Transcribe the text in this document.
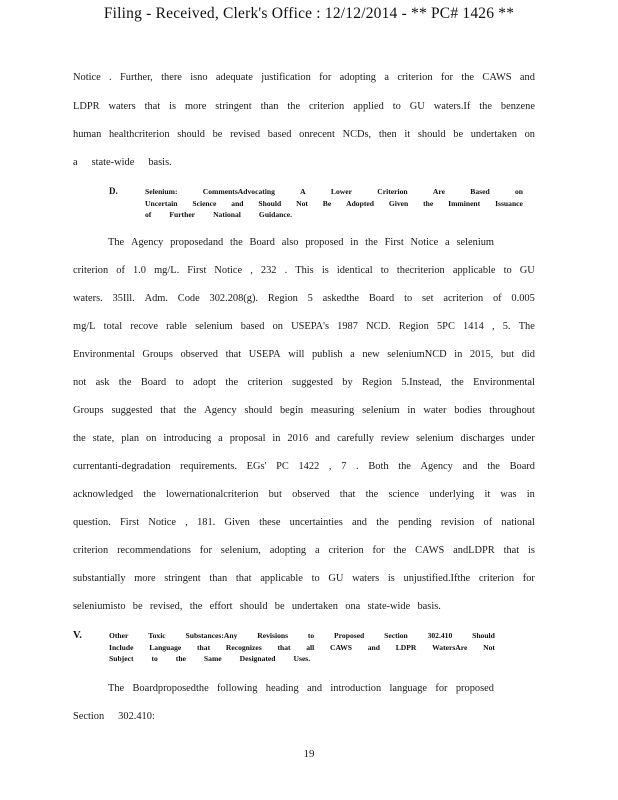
Filing - Received, Clerk's Office : 12/12/2014 - ** PC# 1426 **
Notice . Further, there isno adequate justification for adopting a criterion for the CAWS and
LDPR waters that is more stringent than the criterion applied to GU waters.If the benzene
human healthcriterion should be revised based onrecent NCDs, then it should be undertaken on
a state-wide basis.
D.	Selenium:	CommentsAdvocating	A	Lower	Criterion	Are	Based	on
Uncertain Science and Should Not Be Adopted Given the Imminent Issuance
of Further National Guidance.
The Agency proposedand the Board also proposed in the First Notice a selenium
criterion of 1.0 mg/L. First Notice , 232 . This is identical to thecriterion applicable to GU
waters. 35Ill. Adm. Code 302.208(g). Region 5 askedthe Board to set acriterion of 0.005
mg/L total recove rable selenium based on USEPA's 1987 NCD. Region 5PC 1414 , 5. The
Environmental Groups observed that USEPA will publish a new seleniumNCD in 2015, but did
not ask the Board to adopt the criterion suggested by Region 5.Instead, the Environmental
Groups suggested that the Agency should begin measuring selenium in water bodies throughout
the state, plan on introducing a proposal in 2016 and carefully review selenium discharges under
currentanti-degradation requirements. EGs' PC 1422 , 7 . Both the Agency and the Board
acknowledged the lowernationalcriterion but observed that the science underlying it was in
question. First Notice , 181. Given these uncertainties and the pending revision of national
criterion recommendations for selenium, adopting a criterion for the CAWS andLDPR that is
substantially more stringent than that applicable to GU waters is unjustified.Ifthe criterion for
seleniumisto be revised, the effort should be undertaken ona state-wide basis.
V.	Other	Toxic	Substances:Any	Revisions	to	Proposed	Section	302.410	Should
Include Language that Recognizes that all CAWS and LDPR WatersAre Not
Subject to the Same Designated Uses.
The Boardproposedthe following heading and introduction language for proposed
Section 302.410:
19
